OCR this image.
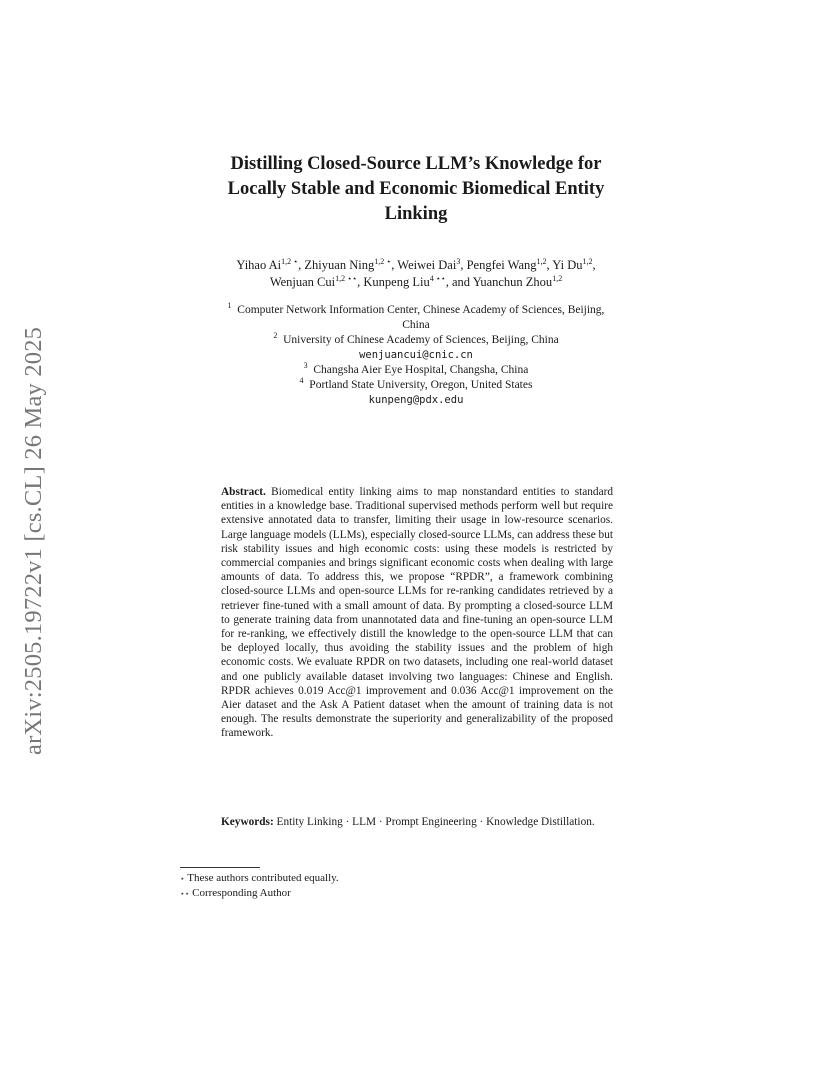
arXiv:2505.19722v1 [cs.CL] 26 May 2025
Distilling Closed-Source LLM’s Knowledge for
Locally Stable and Economic Biomedical Entity
Linking
Yihao Ai$^{1,2}$ ⋆, Zhiyuan Ning$^{1,2}$ ⋆, Weiwei Dai$^3$, Pengfei Wang$^{1,2}$, Yi Du$^{1,2}$,
Wenjuan Cui$^{1,2}$ ⋆⋆, Kunpeng Liu$^4$ ⋆⋆, and Yuanchun Zhou$^{1,2}$
$^1$ Computer Network Information Center, Chinese Academy of Sciences, Beijing,
China
$^2$ University of Chinese Academy of Sciences, Beijing, China
wenjuancui@cnic.cn
$^3$ Changsha Aier Eye Hospital, Changsha, China
$^4$ Portland State University, Oregon, United States
kunpeng@pdx.edu
Abstract. Biomedical entity linking aims to map nonstandard entities to standard entities in a knowledge base. Traditional supervised methods perform well but require extensive annotated data to transfer, limiting their usage in low-resource scenarios. Large language models (LLMs), especially closed-source LLMs, can address these but risk stability issues and high economic costs: using these models is restricted by commercial companies and brings significant economic costs when dealing with large amounts of data. To address this, we propose “RPDR”, a framework combining closed-source LLMs and open-source LLMs for re-ranking candidates retrieved by a retriever fine-tuned with a small amount of data. By prompting a closed-source LLM to generate training data from unannotated data and fine-tuning an open-source LLM for re-ranking, we effectively distill the knowledge to the open-source LLM that can be deployed locally, thus avoiding the stability issues and the problem of high economic costs. We evaluate RPDR on two datasets, including one real-world dataset and one publicly available dataset involving two languages: Chinese and English. RPDR achieves 0.019 Acc@1 improvement and 0.036 Acc@1 improvement on the Aier dataset and the Ask A Patient dataset when the amount of training data is not enough. The results demonstrate the superiority and generalizability of the proposed framework.
Keywords: Entity Linking · LLM · Prompt Engineering · Knowledge Distillation.
⋆ These authors contributed equally.
⋆⋆ Corresponding Author
